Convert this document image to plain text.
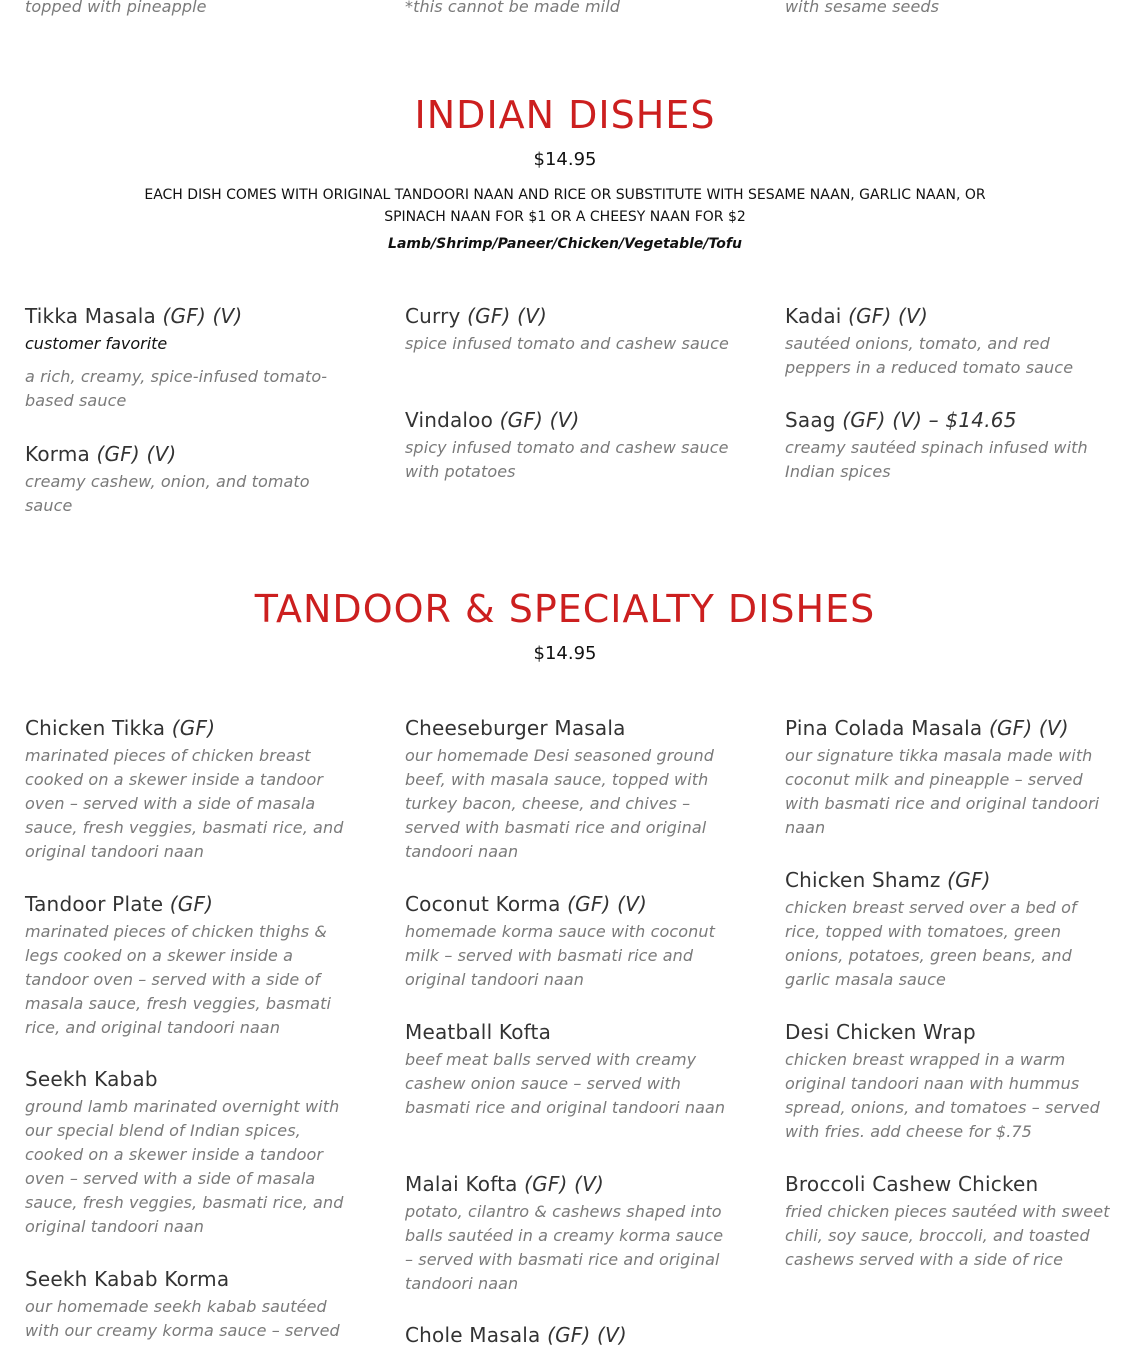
topped with pineapple	*this cannot be made mild	with sesame seeds
INDIAN DISHES
$14.95
EACH DISH COMES WITH ORIGINAL TANDOORI NAAN AND RICE OR SUBSTITUTE WITH SESAME NAAN, GARLIC NAAN, OR
SPINACH NAAN FOR $1 OR A CHEESY NAAN FOR $2
Lamb/Shrimp/Paneer/Chicken/Vegetable/Tofu
Tikka Masala (GF) (V)
customer favorite
a rich, creamy, spice-infused tomato-based sauce
Korma (GF) (V)
creamy cashew, onion, and tomato sauce
Curry (GF) (V)
spice infused tomato and cashew sauce
Vindaloo (GF) (V)
spicy infused tomato and cashew sauce with potatoes
Kadai (GF) (V)
sautéed onions, tomato, and red peppers in a reduced tomato sauce
Saag (GF) (V) – $14.65
creamy sautéed spinach infused with Indian spices
TANDOOR & SPECIALTY DISHES
$14.95
Chicken Tikka (GF)
marinated pieces of chicken breast cooked on a skewer inside a tandoor oven – served with a side of masala sauce, fresh veggies, basmati rice, and original tandoori naan
Tandoor Plate (GF)
marinated pieces of chicken thighs & legs cooked on a skewer inside a tandoor oven – served with a side of masala sauce, fresh veggies, basmati rice, and original tandoori naan
Seekh Kabab
ground lamb marinated overnight with our special blend of Indian spices, cooked on a skewer inside a tandoor oven – served with a side of masala sauce, fresh veggies, basmati rice, and original tandoori naan
Seekh Kabab Korma
our homemade seekh kabab sautéed with our creamy korma sauce – served
Cheeseburger Masala
our homemade Desi seasoned ground beef, with masala sauce, topped with turkey bacon, cheese, and chives – served with basmati rice and original tandoori naan
Coconut Korma (GF) (V)
homemade korma sauce with coconut milk – served with basmati rice and original tandoori naan
Meatball Kofta
beef meat balls served with creamy cashew onion sauce – served with basmati rice and original tandoori naan
Malai Kofta (GF) (V)
potato, cilantro & cashews shaped into balls sautéed in a creamy korma sauce – served with basmati rice and original tandoori naan
Chole Masala (GF) (V)
Pina Colada Masala (GF) (V)
our signature tikka masala made with coconut milk and pineapple – served with basmati rice and original tandoori naan
Chicken Shamz (GF)
chicken breast served over a bed of rice, topped with tomatoes, green onions, potatoes, green beans, and garlic masala sauce
Desi Chicken Wrap
chicken breast wrapped in a warm original tandoori naan with hummus spread, onions, and tomatoes – served with fries. add cheese for $.75
Broccoli Cashew Chicken
fried chicken pieces sautéed with sweet chili, soy sauce, broccoli, and toasted cashews served with a side of rice
